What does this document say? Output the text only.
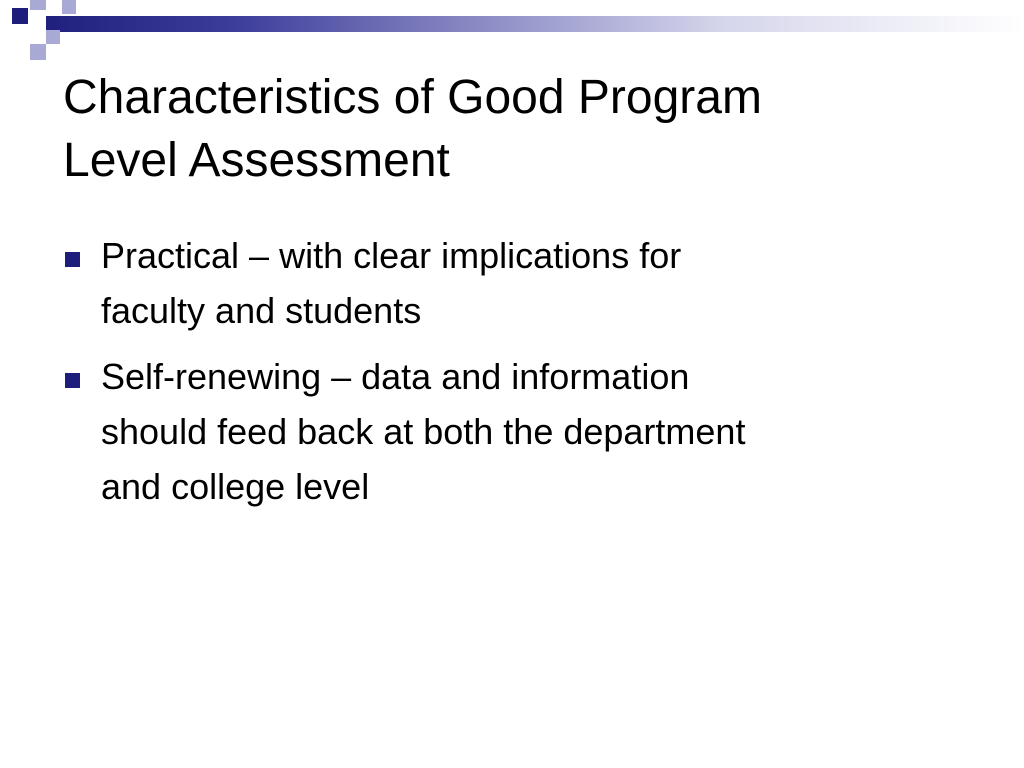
Characteristics of Good Program
Level Assessment
Practical – with clear implications for
faculty and students
Self-renewing – data and information
should feed back at both the department
and college level
